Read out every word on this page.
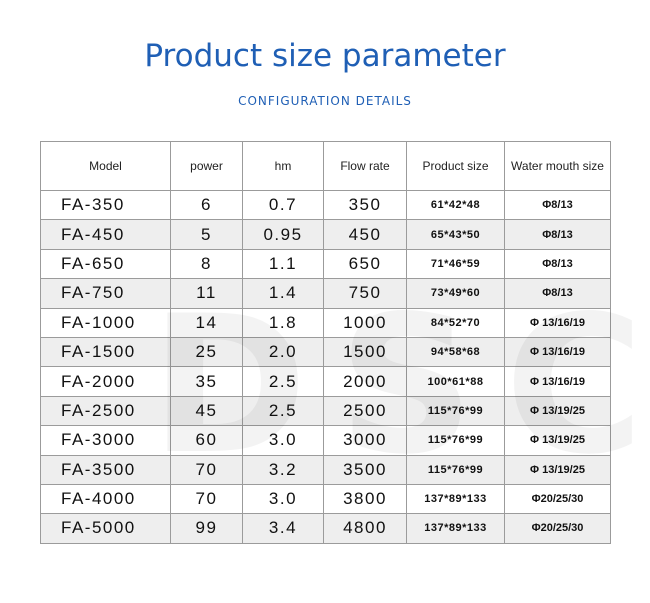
Product size parameter
CONFIGURATION DETAILS
Model	power	hm	Flow rate	Product size	Water mouth size
FA-350	6	0.7	350	61*42*48	Φ8/13
FA-450	5	0.95	450	65*43*50	Φ8/13
FA-650	8	1.1	650	71*46*59	Φ8/13
FA-750	11	1.4	750	73*49*60	Φ8/13
FA-1000	14	1.8	1000	84*52*70	Φ 13/16/19
FA-1500	25	2.0	1500	94*58*68	Φ 13/16/19
FA-2000	35	2.5	2000	100*61*88	Φ 13/16/19
FA-2500	45	2.5	2500	115*76*99	Φ 13/19/25
FA-3000	60	3.0	3000	115*76*99	Φ 13/19/25
FA-3500	70	3.2	3500	115*76*99	Φ 13/19/25
FA-4000	70	3.0	3800	137*89*133	Φ20/25/30
FA-5000	99	3.4	4800	137*89*133	Φ20/25/30
